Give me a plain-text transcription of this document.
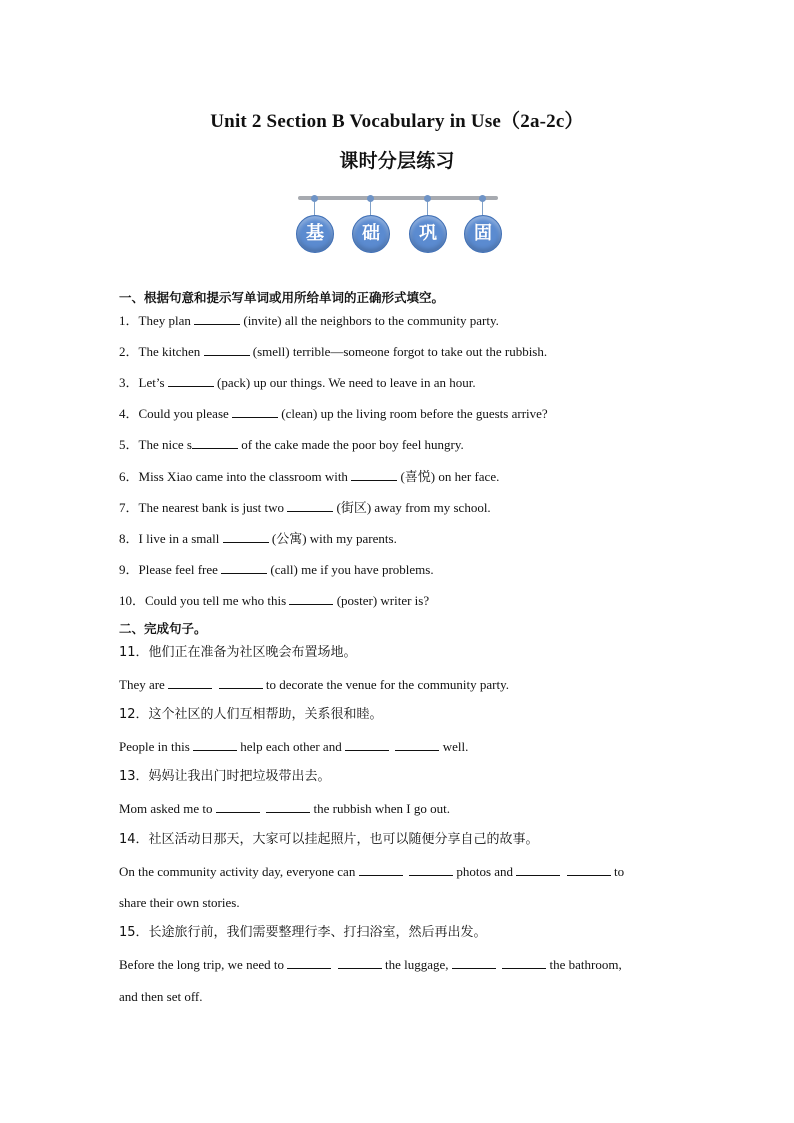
Unit 2 Section B Vocabulary in Use（2a-2c）
课时分层练习
基	础	巩	固
一、根据句意和提示写单词或用所给单词的正确形式填空。
1．They plan	(invite) all the neighbors to the community party.
2．The kitchen	(smell) terrible—someone forgot to take out the rubbish.
3．Let’s	(pack) up our things. We need to leave in an hour.
4．Could you please	(clean) up the living room before the guests arrive?
5．The nice s	of the cake made the poor boy feel hungry.
6．Miss Xiao came into the classroom with	(喜悦) on her face.
7．The nearest bank is just two	(街区) away from my school.
8．I live in a small	(公寓) with my parents.
9．Please feel free	(call) me if you have problems.
10．Could you tell me who this	(poster) writer is?
二、完成句子。
11．他们正在准备为社区晚会布置场地。
They are	to decorate the venue for the community party.
12．这个社区的人们互相帮助，关系很和睦。
People in this	help each other and	well.
13．妈妈让我出门时把垃圾带出去。
Mom asked me to	the rubbish when I go out.
14．社区活动日那天，大家可以挂起照片，也可以随便分享自己的故事。
On the community activity day, everyone can	photos and	to
share their own stories.
15．长途旅行前，我们需要整理行李、打扫浴室，然后再出发。
Before the long trip, we need to	the luggage,	the bathroom,
and then set off.
